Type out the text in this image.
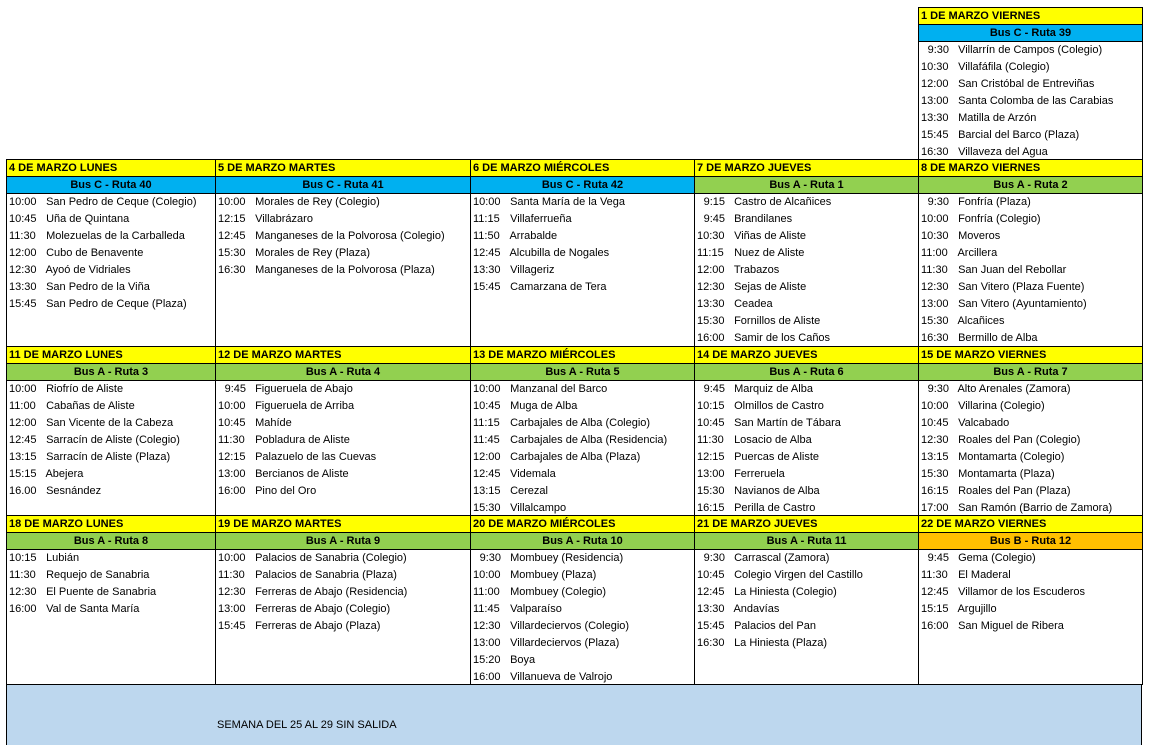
1 DE MARZO VIERNES
Bus C - Ruta 39
9:30 Villarrín de Campos (Colegio)
10:30 Villafáfila (Colegio)
12:00 San Cristóbal de Entreviñas
13:00 Santa Colomba de las Carabias
13:30 Matilla de Arzón
15:45 Barcial del Barco (Plaza)
16:30 Villaveza del Agua
4 DE MARZO LUNES
Bus C - Ruta 40
10:00 San Pedro de Ceque (Colegio)
10:45 Uña de Quintana
11:30 Molezuelas de la Carballeda
12:00 Cubo de Benavente
12:30 Ayoó de Vidriales
13:30 San Pedro de la Viña
15:45 San Pedro de Ceque (Plaza)
5 DE MARZO MARTES
Bus C - Ruta 41
10:00 Morales de Rey (Colegio)
12:15 Villabrázaro
12:45 Manganeses de la Polvorosa (Colegio)
15:30 Morales de Rey (Plaza)
16:30 Manganeses de la Polvorosa (Plaza)
6 DE MARZO MIÉRCOLES
Bus C - Ruta 42
10:00 Santa María de la Vega
11:15 Villaferrueña
11:50 Arrabalde
12:45 Alcubilla de Nogales
13:30 Villageriz
15:45 Camarzana de Tera
7 DE MARZO JUEVES
Bus A - Ruta 1
9:15 Castro de Alcañices
9:45 Brandilanes
10:30 Viñas de Aliste
11:15 Nuez de Aliste
12:00 Trabazos
12:30 Sejas de Aliste
13:30 Ceadea
15:30 Fornillos de Aliste
16:00 Samir de los Caños
8 DE MARZO VIERNES
Bus A - Ruta 2
9:30 Fonfría (Plaza)
10:00 Fonfría (Colegio)
10:30 Moveros
11:00 Arcillera
11:30 San Juan del Rebollar
12:30 San Vitero (Plaza Fuente)
13:00 San Vitero (Ayuntamiento)
15:30 Alcañices
16:30 Bermillo de Alba
11 DE MARZO LUNES
Bus A - Ruta 3
10:00 Riofrío de Aliste
11:00 Cabañas de Aliste
12:00 San Vicente de la Cabeza
12:45 Sarracín de Aliste (Colegio)
13:15 Sarracín de Aliste (Plaza)
15:15 Abejera
16.00 Sesnández
12 DE MARZO MARTES
Bus A - Ruta 4
9:45 Figueruela de Abajo
10:00 Figueruela de Arriba
10:45 Mahíde
11:30 Pobladura de Aliste
12:15 Palazuelo de las Cuevas
13:00 Bercianos de Aliste
16:00 Pino del Oro
13 DE MARZO MIÉRCOLES
Bus A - Ruta 5
10:00 Manzanal del Barco
10:45 Muga de Alba
11:15 Carbajales de Alba (Colegio)
11:45 Carbajales de Alba (Residencia)
12:00 Carbajales de Alba (Plaza)
12:45 Videmala
13:15 Cerezal
15:30 Villalcampo
14 DE MARZO JUEVES
Bus A - Ruta 6
9:45 Marquiz de Alba
10:15 Olmillos de Castro
10:45 San Martín de Tábara
11:30 Losacio de Alba
12:15 Puercas de Aliste
13:00 Ferreruela
15:30 Navianos de Alba
16:15 Perilla de Castro
15 DE MARZO VIERNES
Bus A - Ruta 7
9:30 Alto Arenales (Zamora)
10:00 Villarina (Colegio)
10:45 Valcabado
12:30 Roales del Pan (Colegio)
13:15 Montamarta (Colegio)
15:30 Montamarta (Plaza)
16:15 Roales del Pan (Plaza)
17:00 San Ramón (Barrio de Zamora)
18 DE MARZO LUNES
Bus A - Ruta 8
10:15 Lubián
11:30 Requejo de Sanabria
12:30 El Puente de Sanabria
16:00 Val de Santa María
19 DE MARZO MARTES
Bus A - Ruta 9
10:00 Palacios de Sanabria (Colegio)
11:30 Palacios de Sanabria (Plaza)
12:30 Ferreras de Abajo (Residencia)
13:00 Ferreras de Abajo (Colegio)
15:45 Ferreras de Abajo (Plaza)
20 DE MARZO MIÉRCOLES
Bus A - Ruta 10
9:30 Mombuey (Residencia)
10:00 Mombuey (Plaza)
11:00 Mombuey (Colegio)
11:45 Valparaíso
12:30 Villardeciervos (Colegio)
13:00 Villardeciervos (Plaza)
15:20 Boya
16:00 Villanueva de Valrojo
21 DE MARZO JUEVES
Bus A - Ruta 11
9:30 Carrascal (Zamora)
10:45 Colegio Virgen del Castillo
12:45 La Hiniesta (Colegio)
13:30 Andavías
15:45 Palacios del Pan
16:30 La Hiniesta (Plaza)
22 DE MARZO VIERNES
Bus B - Ruta 12
9:45 Gema (Colegio)
11:30 El Maderal
12:45 Villamor de los Escuderos
15:15 Argujillo
16:00 San Miguel de Ribera
SEMANA DEL 25 AL 29 SIN SALIDA
